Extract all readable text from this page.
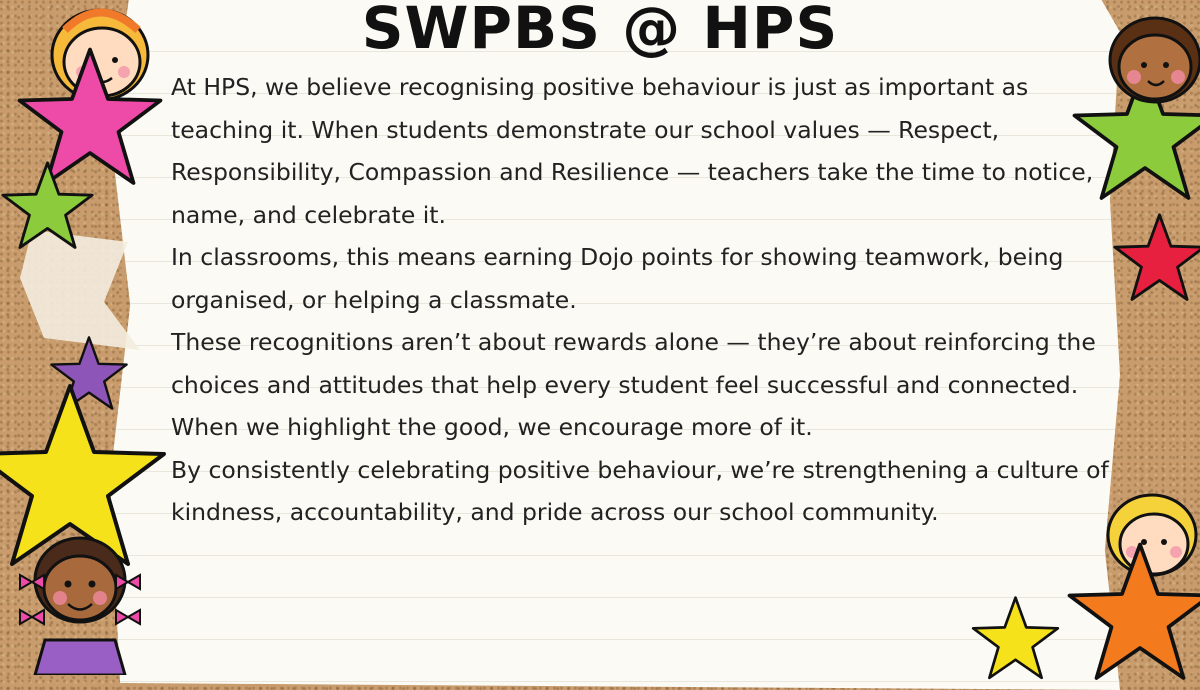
SWPBS @ HPS

At HPS, we believe recognising positive behaviour is just as important as teaching it. When students demonstrate our school values — Respect, Responsibility, Compassion and Resilience — teachers take the time to notice, name, and celebrate it.

In classrooms, this means earning Dojo points for showing teamwork, being organised, or helping a classmate.

These recognitions aren’t about rewards alone — they’re about reinforcing the choices and attitudes that help every student feel successful and connected. When we highlight the good, we encourage more of it.

By consistently celebrating positive behaviour, we’re strengthening a culture of kindness, accountability, and pride across our school community.
